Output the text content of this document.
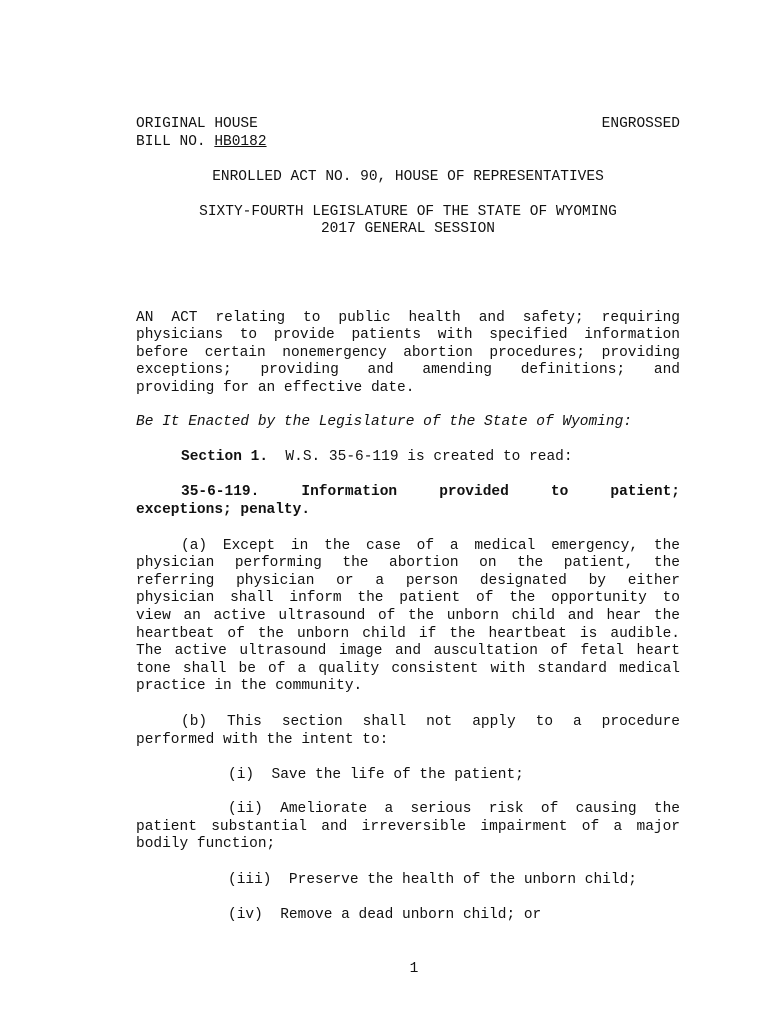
ORIGINAL HOUSE	ENGROSSED
BILL NO. HB0182
ENROLLED ACT NO. 90, HOUSE OF REPRESENTATIVES
SIXTY-FOURTH LEGISLATURE OF THE STATE OF WYOMING
2017 GENERAL SESSION
AN ACT relating to public health and safety; requiring
physicians to provide patients with specified information
before certain nonemergency abortion procedures; providing
exceptions; providing and amending definitions; and
providing for an effective date.
Be It Enacted by the Legislature of the State of Wyoming:
Section 1.  W.S. 35-6-119 is created to read:
35-6-119. Information provided to patient;
exceptions; penalty.
(a) Except in the case of a medical emergency, the
physician performing the abortion on the patient, the
referring physician or a person designated by either
physician shall inform the patient of the opportunity to
view an active ultrasound of the unborn child and hear the
heartbeat of the unborn child if the heartbeat is audible.
The active ultrasound image and auscultation of fetal heart
tone shall be of a quality consistent with standard medical
practice in the community.
(b) This section shall not apply to a procedure
performed with the intent to:
(i)  Save the life of the patient;
(ii) Ameliorate a serious risk of causing the
patient substantial and irreversible impairment of a major
bodily function;
(iii)  Preserve the health of the unborn child;
(iv)  Remove a dead unborn child; or
1
